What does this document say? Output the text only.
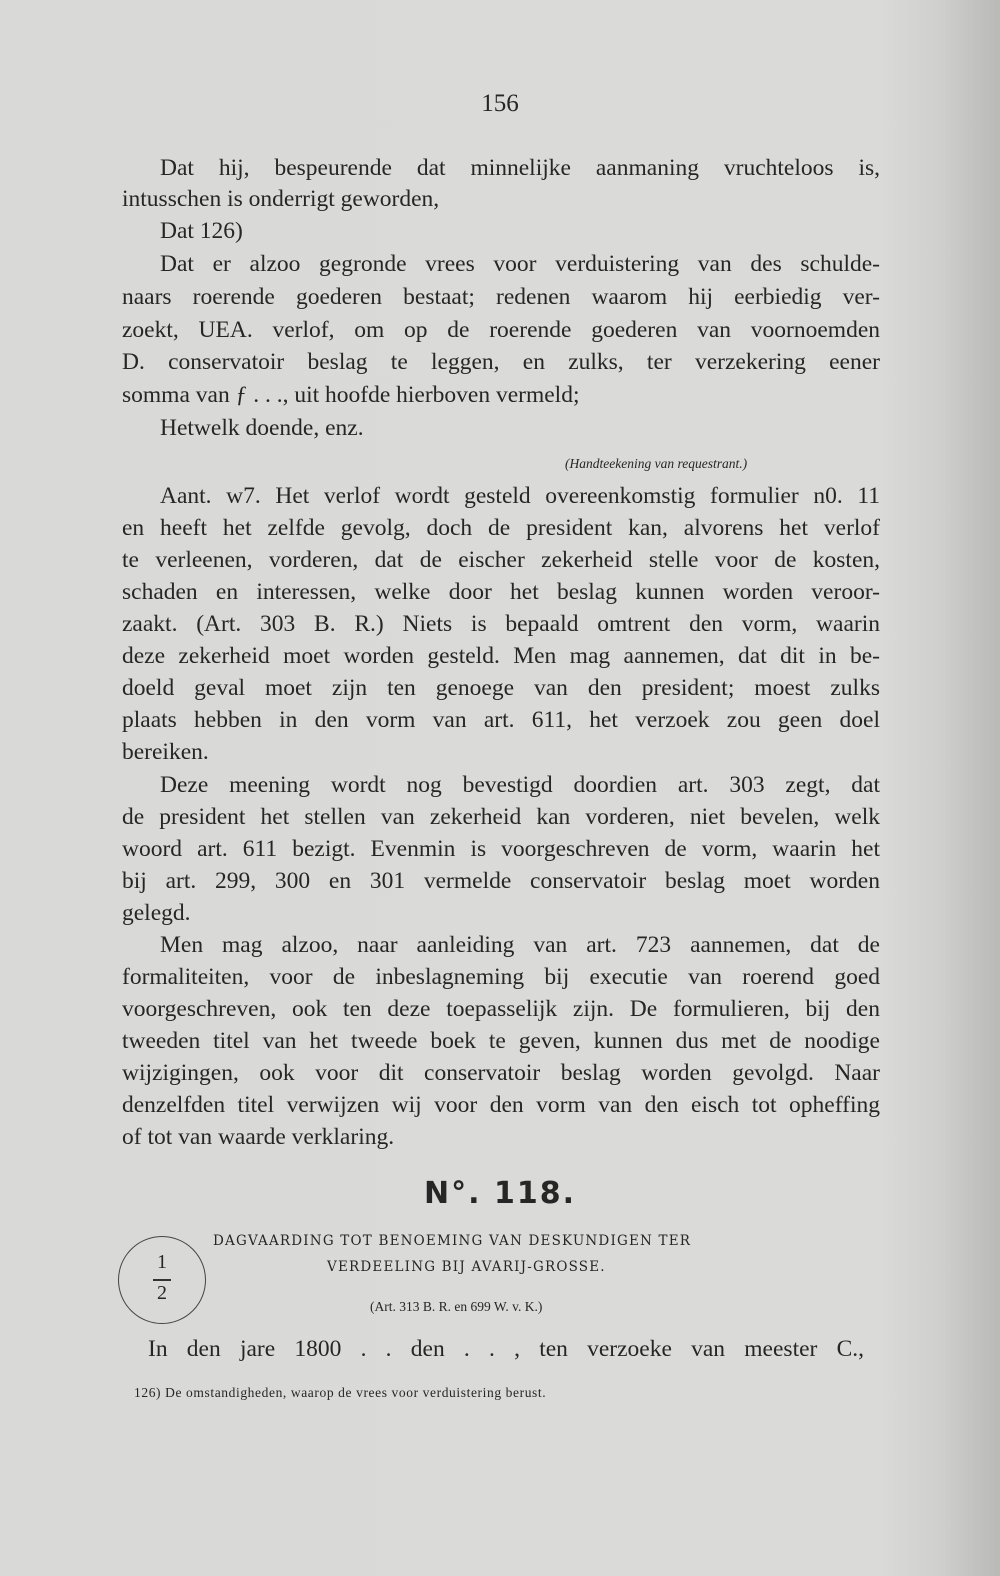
156
Dat hij, bespeurende dat minnelijke aanmaning vruchteloos is,
intusschen is onderrigt geworden,
Dat 126)
Dat er alzoo gegronde vrees voor verduistering van des schulde-
naars roerende goederen bestaat; redenen waarom hij eerbiedig ver-
zoekt, UEA. verlof, om op de roerende goederen van voornoemden
D. conservatoir beslag te leggen, en zulks, ter verzekering eener
somma van ƒ . . ., uit hoofde hierboven vermeld;
Hetwelk doende, enz.
(Handteekening van requestrant.)
Aant. w7. Het verlof wordt gesteld overeenkomstig formulier n0. 11
en heeft het zelfde gevolg, doch de president kan, alvorens het verlof
te verleenen, vorderen, dat de eischer zekerheid stelle voor de kosten,
schaden en interessen, welke door het beslag kunnen worden veroor-
zaakt. (Art. 303 B. R.) Niets is bepaald omtrent den vorm, waarin
deze zekerheid moet worden gesteld. Men mag aannemen, dat dit in be-
doeld geval moet zijn ten genoege van den president; moest zulks
plaats hebben in den vorm van art. 611, het verzoek zou geen doel
bereiken.
Deze meening wordt nog bevestigd doordien art. 303 zegt, dat
de president het stellen van zekerheid kan vorderen, niet bevelen, welk
woord art. 611 bezigt. Evenmin is voorgeschreven de vorm, waarin het
bij art. 299, 300 en 301 vermelde conservatoir beslag moet worden
gelegd.
Men mag alzoo, naar aanleiding van art. 723 aannemen, dat de
formaliteiten, voor de inbeslagneming bij executie van roerend goed
voorgeschreven, ook ten deze toepasselijk zijn. De formulieren, bij den
tweeden titel van het tweede boek te geven, kunnen dus met de noodige
wijzigingen, ook voor dit conservatoir beslag worden gevolgd. Naar
denzelfden titel verwijzen wij voor den vorm van den eisch tot opheffing
of tot van waarde verklaring.
N°. 118.
1
2
DAGVAARDING TOT BENOEMING VAN DESKUNDIGEN TER
VERDEELING BIJ AVARIJ-GROSSE.
(Art. 313 B. R. en 699 W. v. K.)
In den jare 1800 . . den . . , ten verzoeke van meester C.,
126) De omstandigheden, waarop de vrees voor verduistering berust.
